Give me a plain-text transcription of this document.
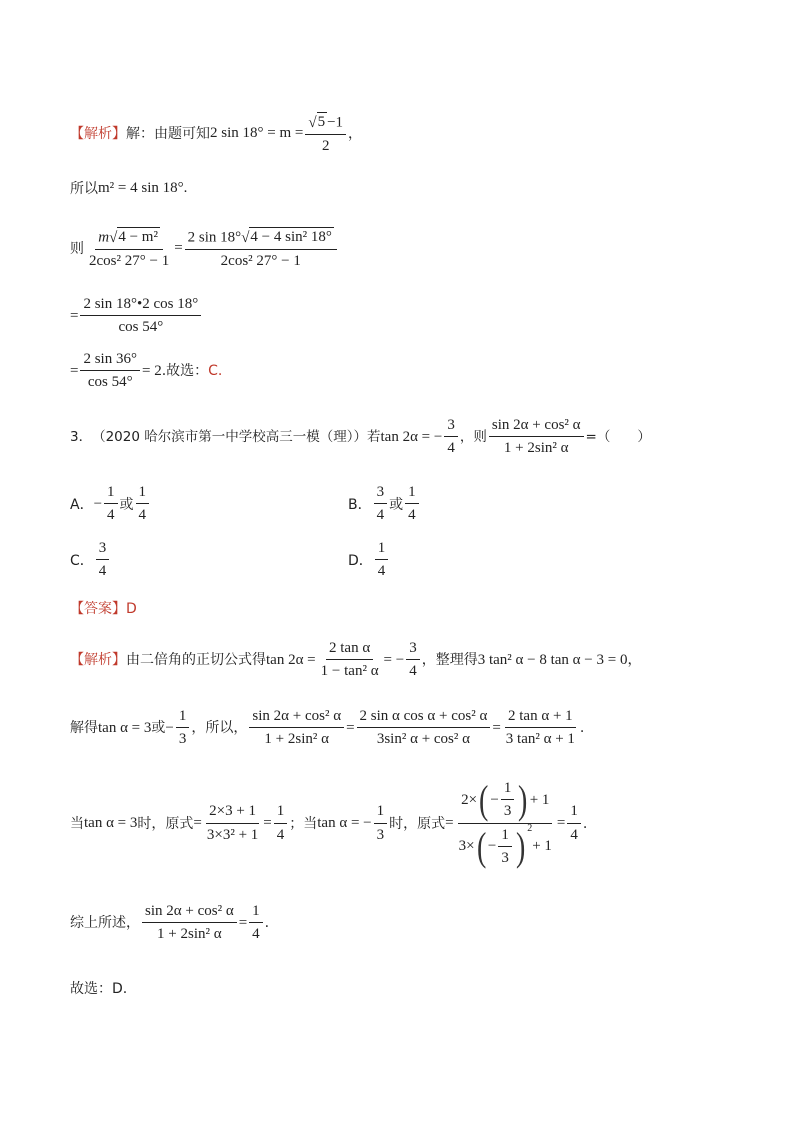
【解析】 解：由题可知 2 $\sin 18^\circ = m = \frac{√ 5 -1}{2}$ ，
所以 m² = 4 sin 18°.
则 $\frac{\text{m √ 4 − m²}}{\text{2cos² 27° − 1}} = \frac{\text{2 sin 18° √ 4 − 4 sin² 18°}}{\text{2cos² 27° − 1}}$
= $\frac{2 \sin 18^\circ•2 \cos 18^\circ}{\cos 54^\circ}$
= $\frac{2 \sin 36^\circ}{\cos 54^\circ} = 2$ .故选： C.
3． （2020 哈尔滨市第一中学校高三一模（理））若 tan 2α = − $\frac{3}{4}$ ，则 $\frac{\text{sin 2α + cos² α}}{\text{1 + 2sin² α}}$ =（　　）
A． − $\frac{1}{4}$ 或
1
4
B．
3
4
或
1
4
C．
3
4
D．
1
4
【答案】 D
【解析】 由二倍角的正切公式得 $\tan 2\alpha = \frac{\text{2 tan α}}{\text{1 − tan² α}}$ = − $\frac{3}{4}$ ，整理得 3 tan² α − 8 tan α − 3 = 0 ，
解得 tan α = 3 或 − $\frac{1}{3}$ ，所以， $\frac{\text{sin 2α + cos² α}}{\text{1 + 2sin² α}} = \frac{\text{2 sin α cos α + cos² α}}{\text{3sin² α + cos² α}} = \frac{\text{2 tan α + 1}}{\text{3 tan² α + 1}}$ .
当 tan α = 3 时，原式 = $\frac{2\times 3 + 1}{\text{3×3² + 1}} = \frac{1}{4}$ ；当 tan α = − $\frac{1}{3}$ 时，原式 = 2× ( − $\frac{1}{3}$ ) + 1
3× ( − $\frac{1}{3} )^2$
+ $1 = \frac{1}{4}$ .
综上所述， $\frac{\text{sin 2α + cos² α}}{\text{1 + 2sin² α}} = \frac{1}{4}$ .
故选：D.
